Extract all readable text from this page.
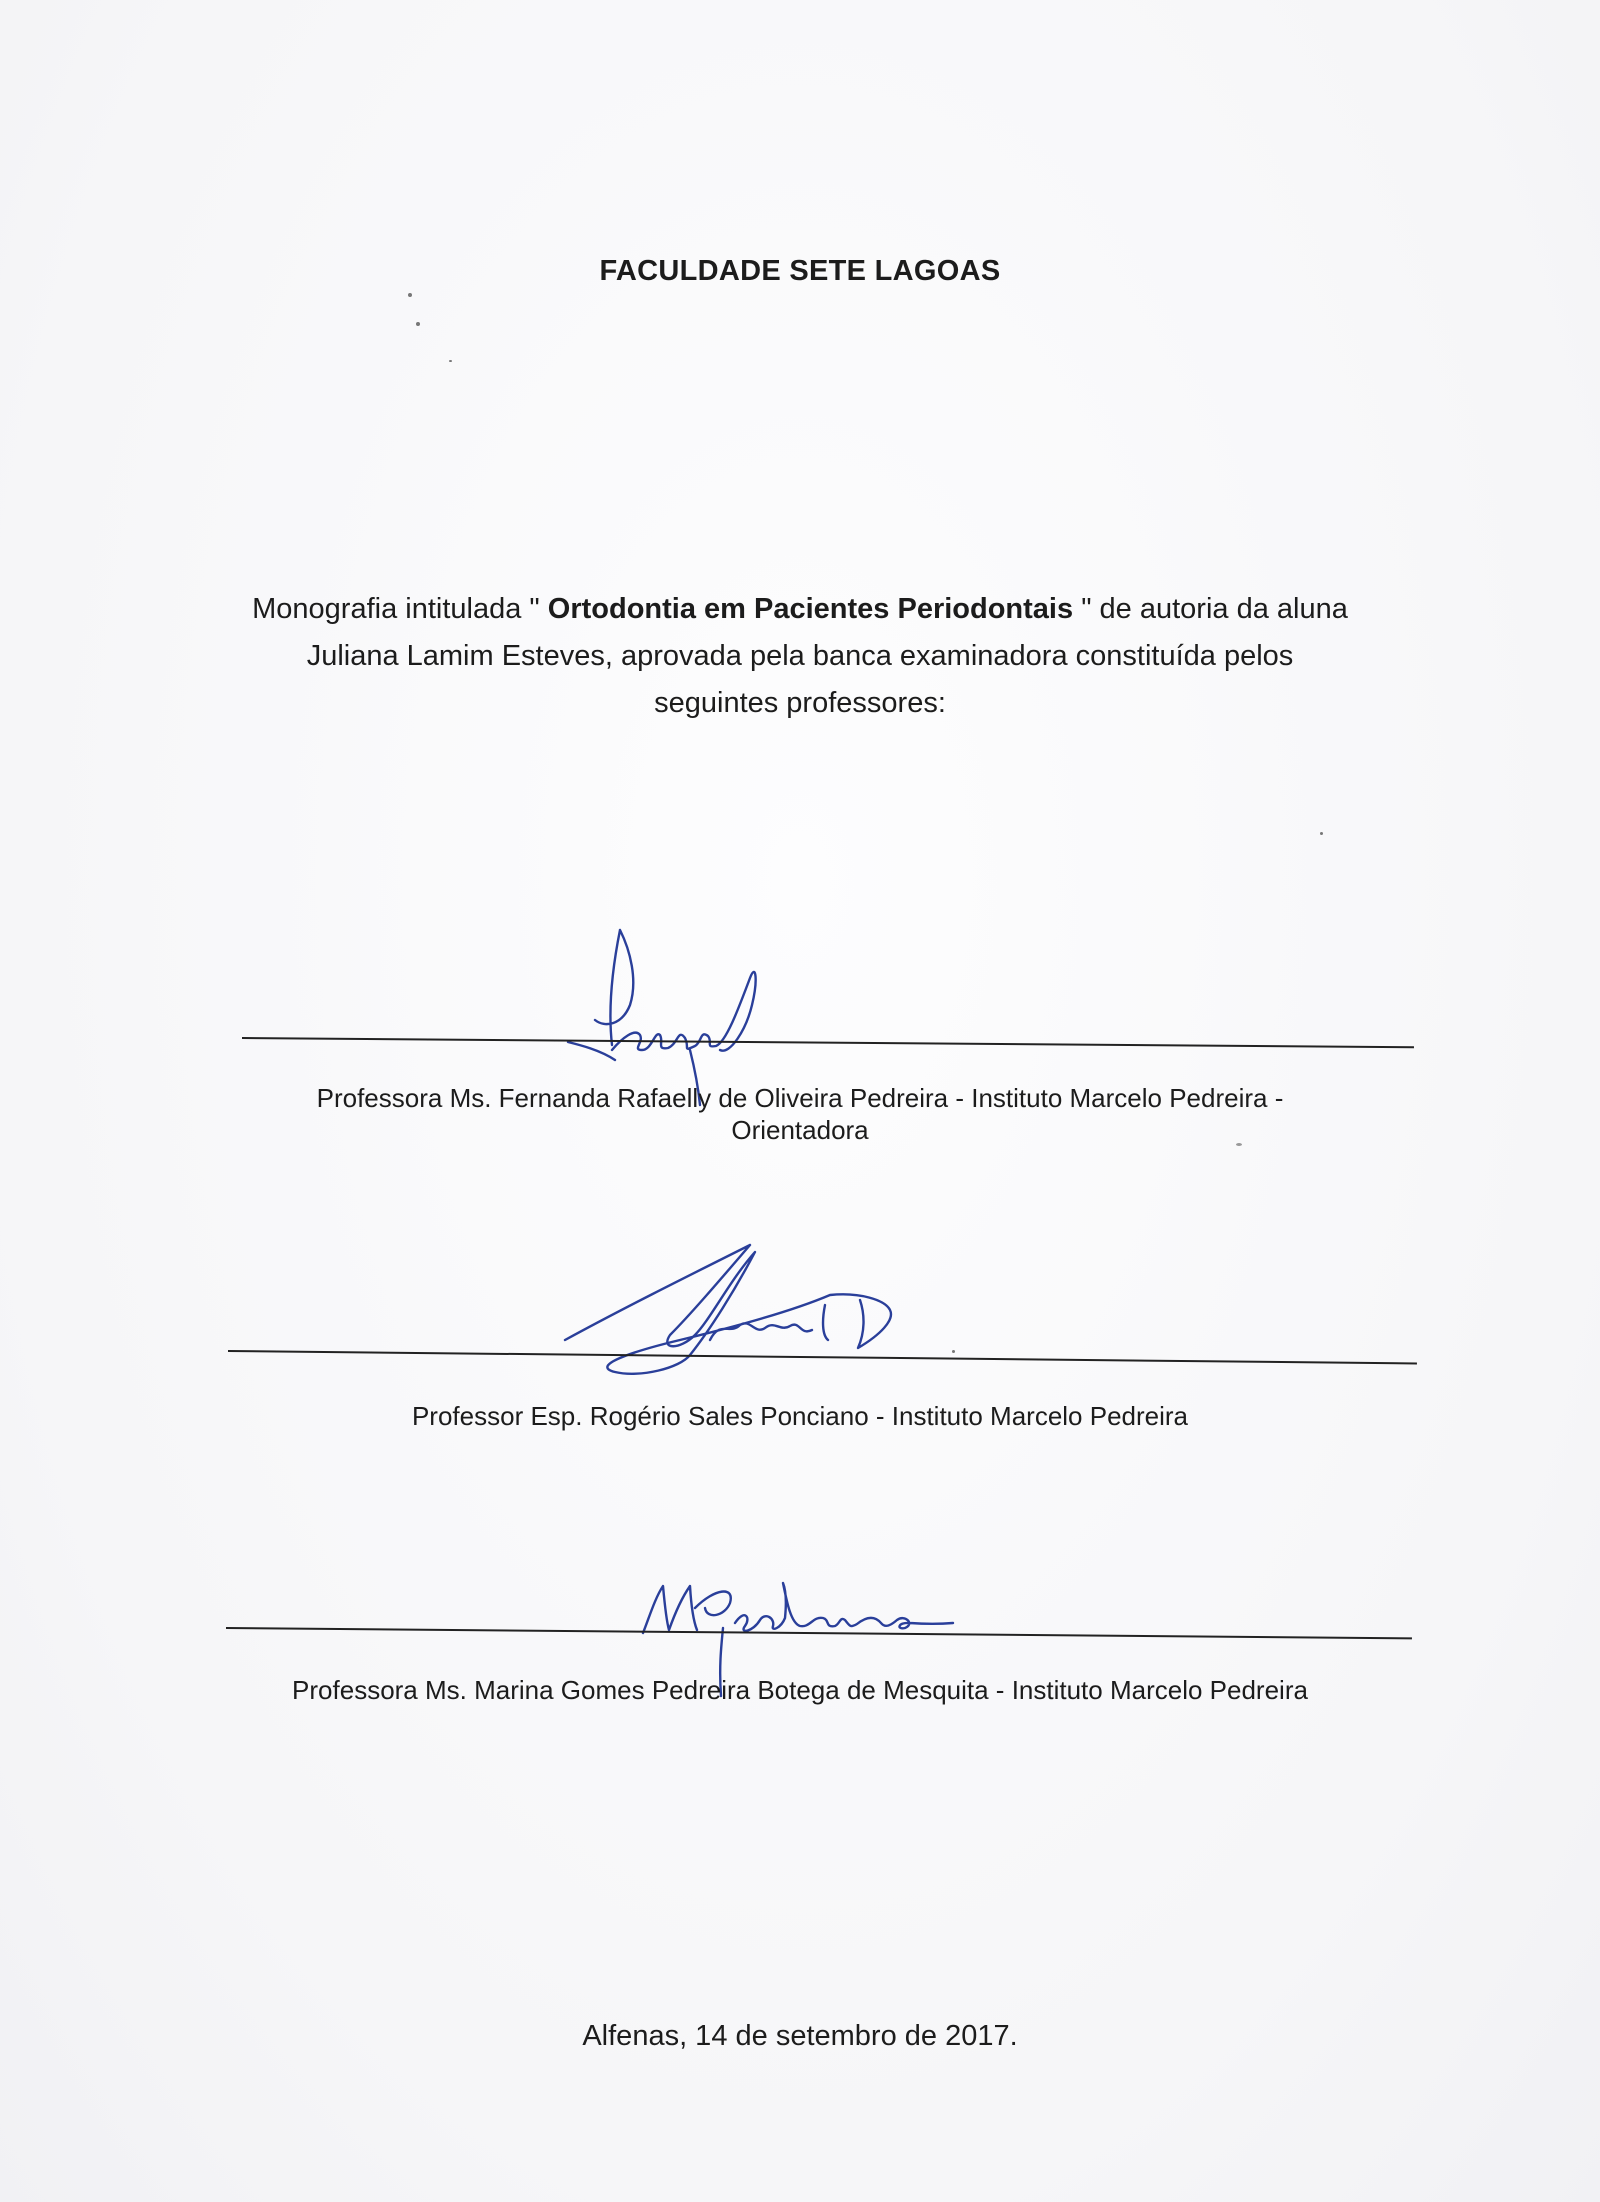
FACULDADE SETE LAGOAS
Monografia intitulada " Ortodontia em Pacientes Periodontais " de autoria da aluna
Juliana Lamim Esteves, aprovada pela banca examinadora constituída pelos
seguintes professores:
Professora Ms. Fernanda Rafaelly de Oliveira Pedreira - Instituto Marcelo Pedreira -
Orientadora
Professor Esp. Rogério Sales Ponciano - Instituto Marcelo Pedreira
Professora Ms. Marina Gomes Pedreira Botega de Mesquita - Instituto Marcelo Pedreira
Alfenas, 14 de setembro de 2017.
